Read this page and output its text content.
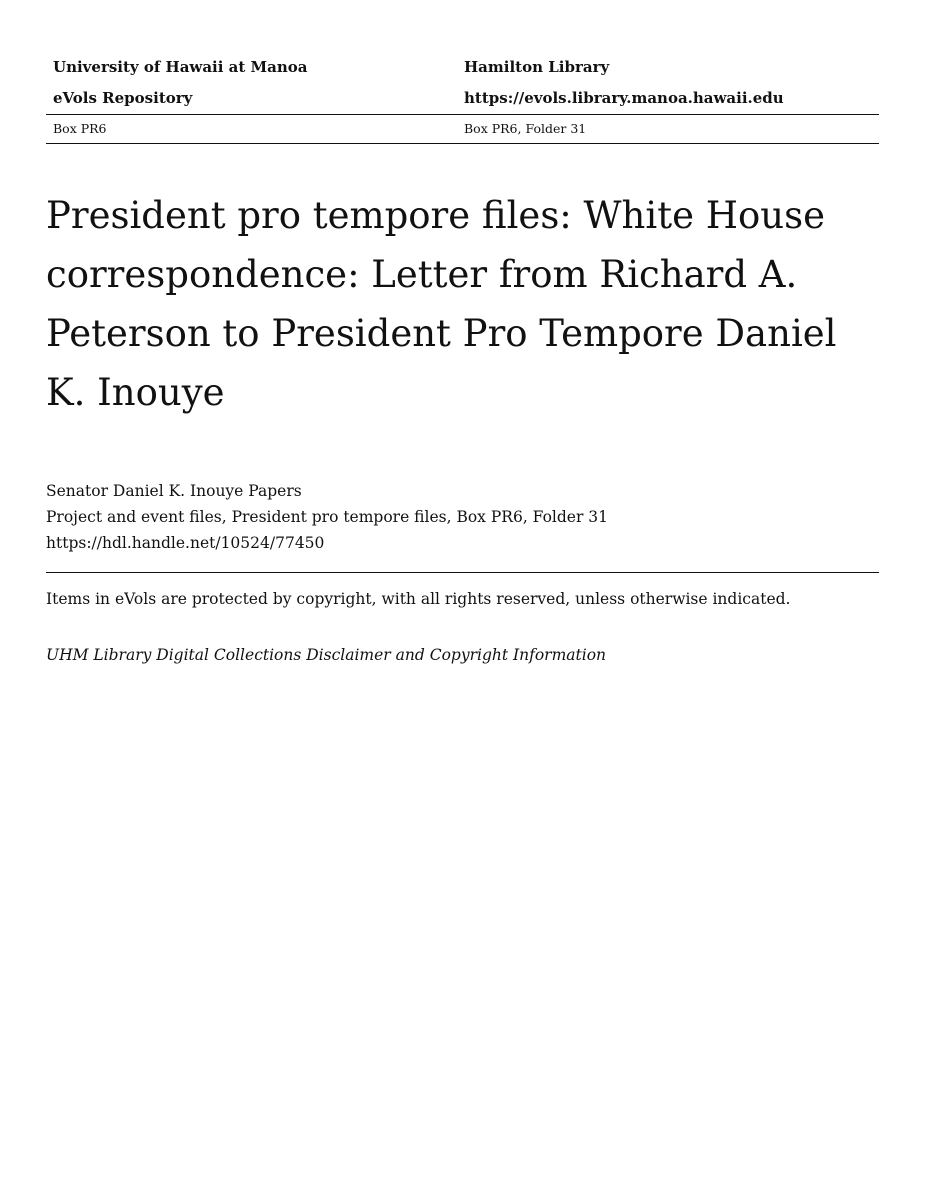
University of Hawaii at Manoa	Hamilton Library
eVols Repository	https://evols.library.manoa.hawaii.edu
Box PR6	Box PR6, Folder 31
President pro tempore files: White House correspondence: Letter from Richard A. Peterson to President Pro Tempore Daniel K. Inouye
Senator Daniel K. Inouye Papers
Project and event files, President pro tempore files, Box PR6, Folder 31
https://hdl.handle.net/10524/77450
Items in eVols are protected by copyright, with all rights reserved, unless otherwise indicated.
UHM Library Digital Collections Disclaimer and Copyright Information
